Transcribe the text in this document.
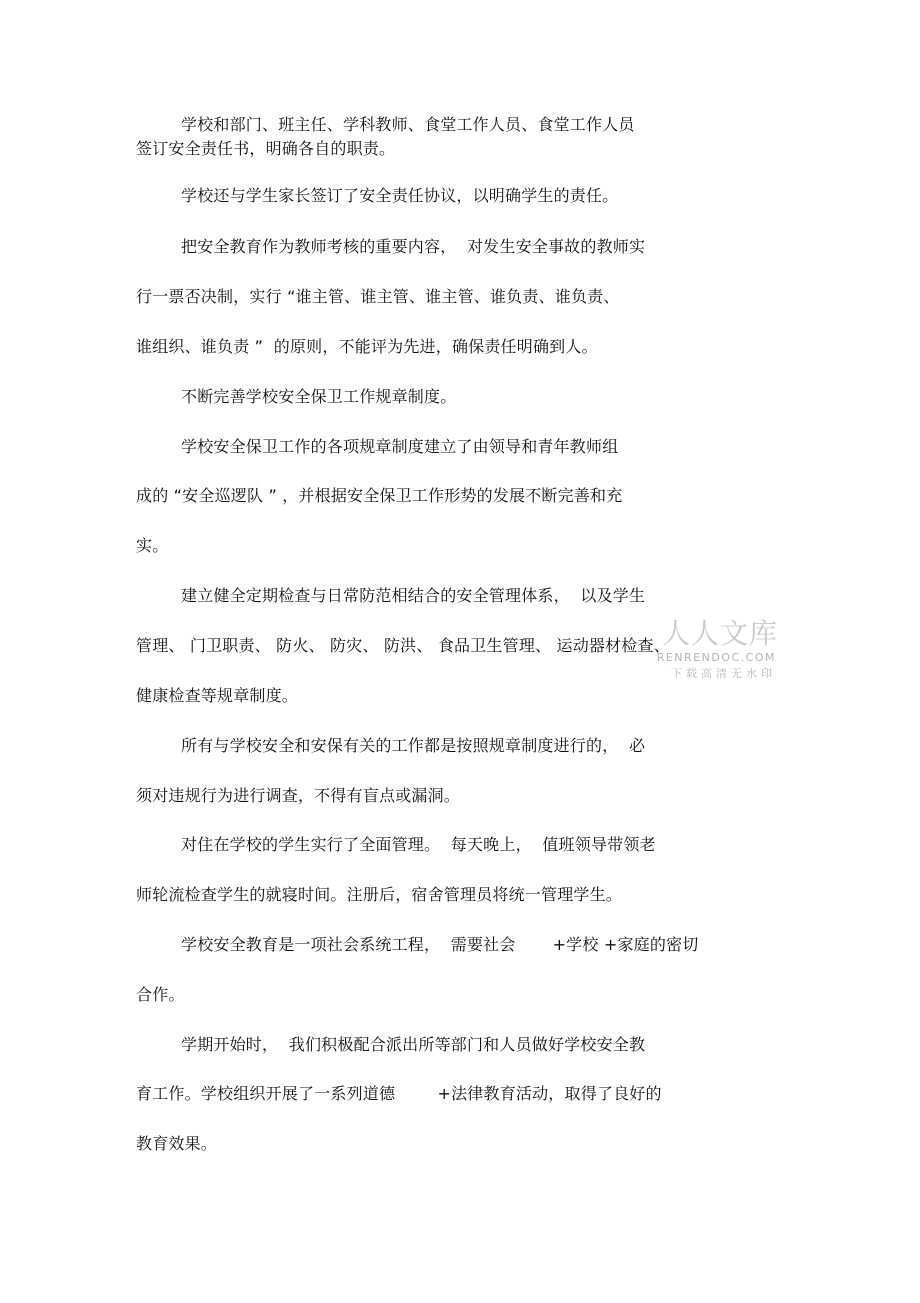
学校和部门、班主任、学科教师、食堂工作人员、食堂工作人员
签订安全责任书，明确各自的职责。
学校还与学生家长签订了安全责任协议，以明确学生的责任。
把安全教育作为教师考核的重要内容，  对发生安全事故的教师实
行一票否决制，实行 “谁主管、谁主管、谁主管、谁负责、谁负责、
谁组织、谁负责 ”  的原则，不能评为先进，确保责任明确到人。
不断完善学校安全保卫工作规章制度。
学校安全保卫工作的各项规章制度建立了由领导和青年教师组
成的 “安全巡逻队 ” ，并根据安全保卫工作形势的发展不断完善和充
实。
建立健全定期检查与日常防范相结合的安全管理体系，  以及学生
管理、 门卫职责、 防火、 防灾、 防洪、 食品卫生管理、 运动器材检查、
健康检查等规章制度。
所有与学校安全和安保有关的工作都是按照规章制度进行的，  必
须对违规行为进行调查，不得有盲点或漏洞。
对住在学校的学生实行了全面管理。  每天晚上，  值班领导带领老
师轮流检查学生的就寝时间。注册后，宿舍管理员将统一管理学生。
学校安全教育是一项社会系统工程，  需要社会       +学校 +家庭的密切
合作。
学期开始时，  我们积极配合派出所等部门和人员做好学校安全教
育工作。学校组织开展了一系列道德        +法律教育活动，取得了良好的
教育效果。
人人文库
RENRENDOC.COM
下载高清无水印
